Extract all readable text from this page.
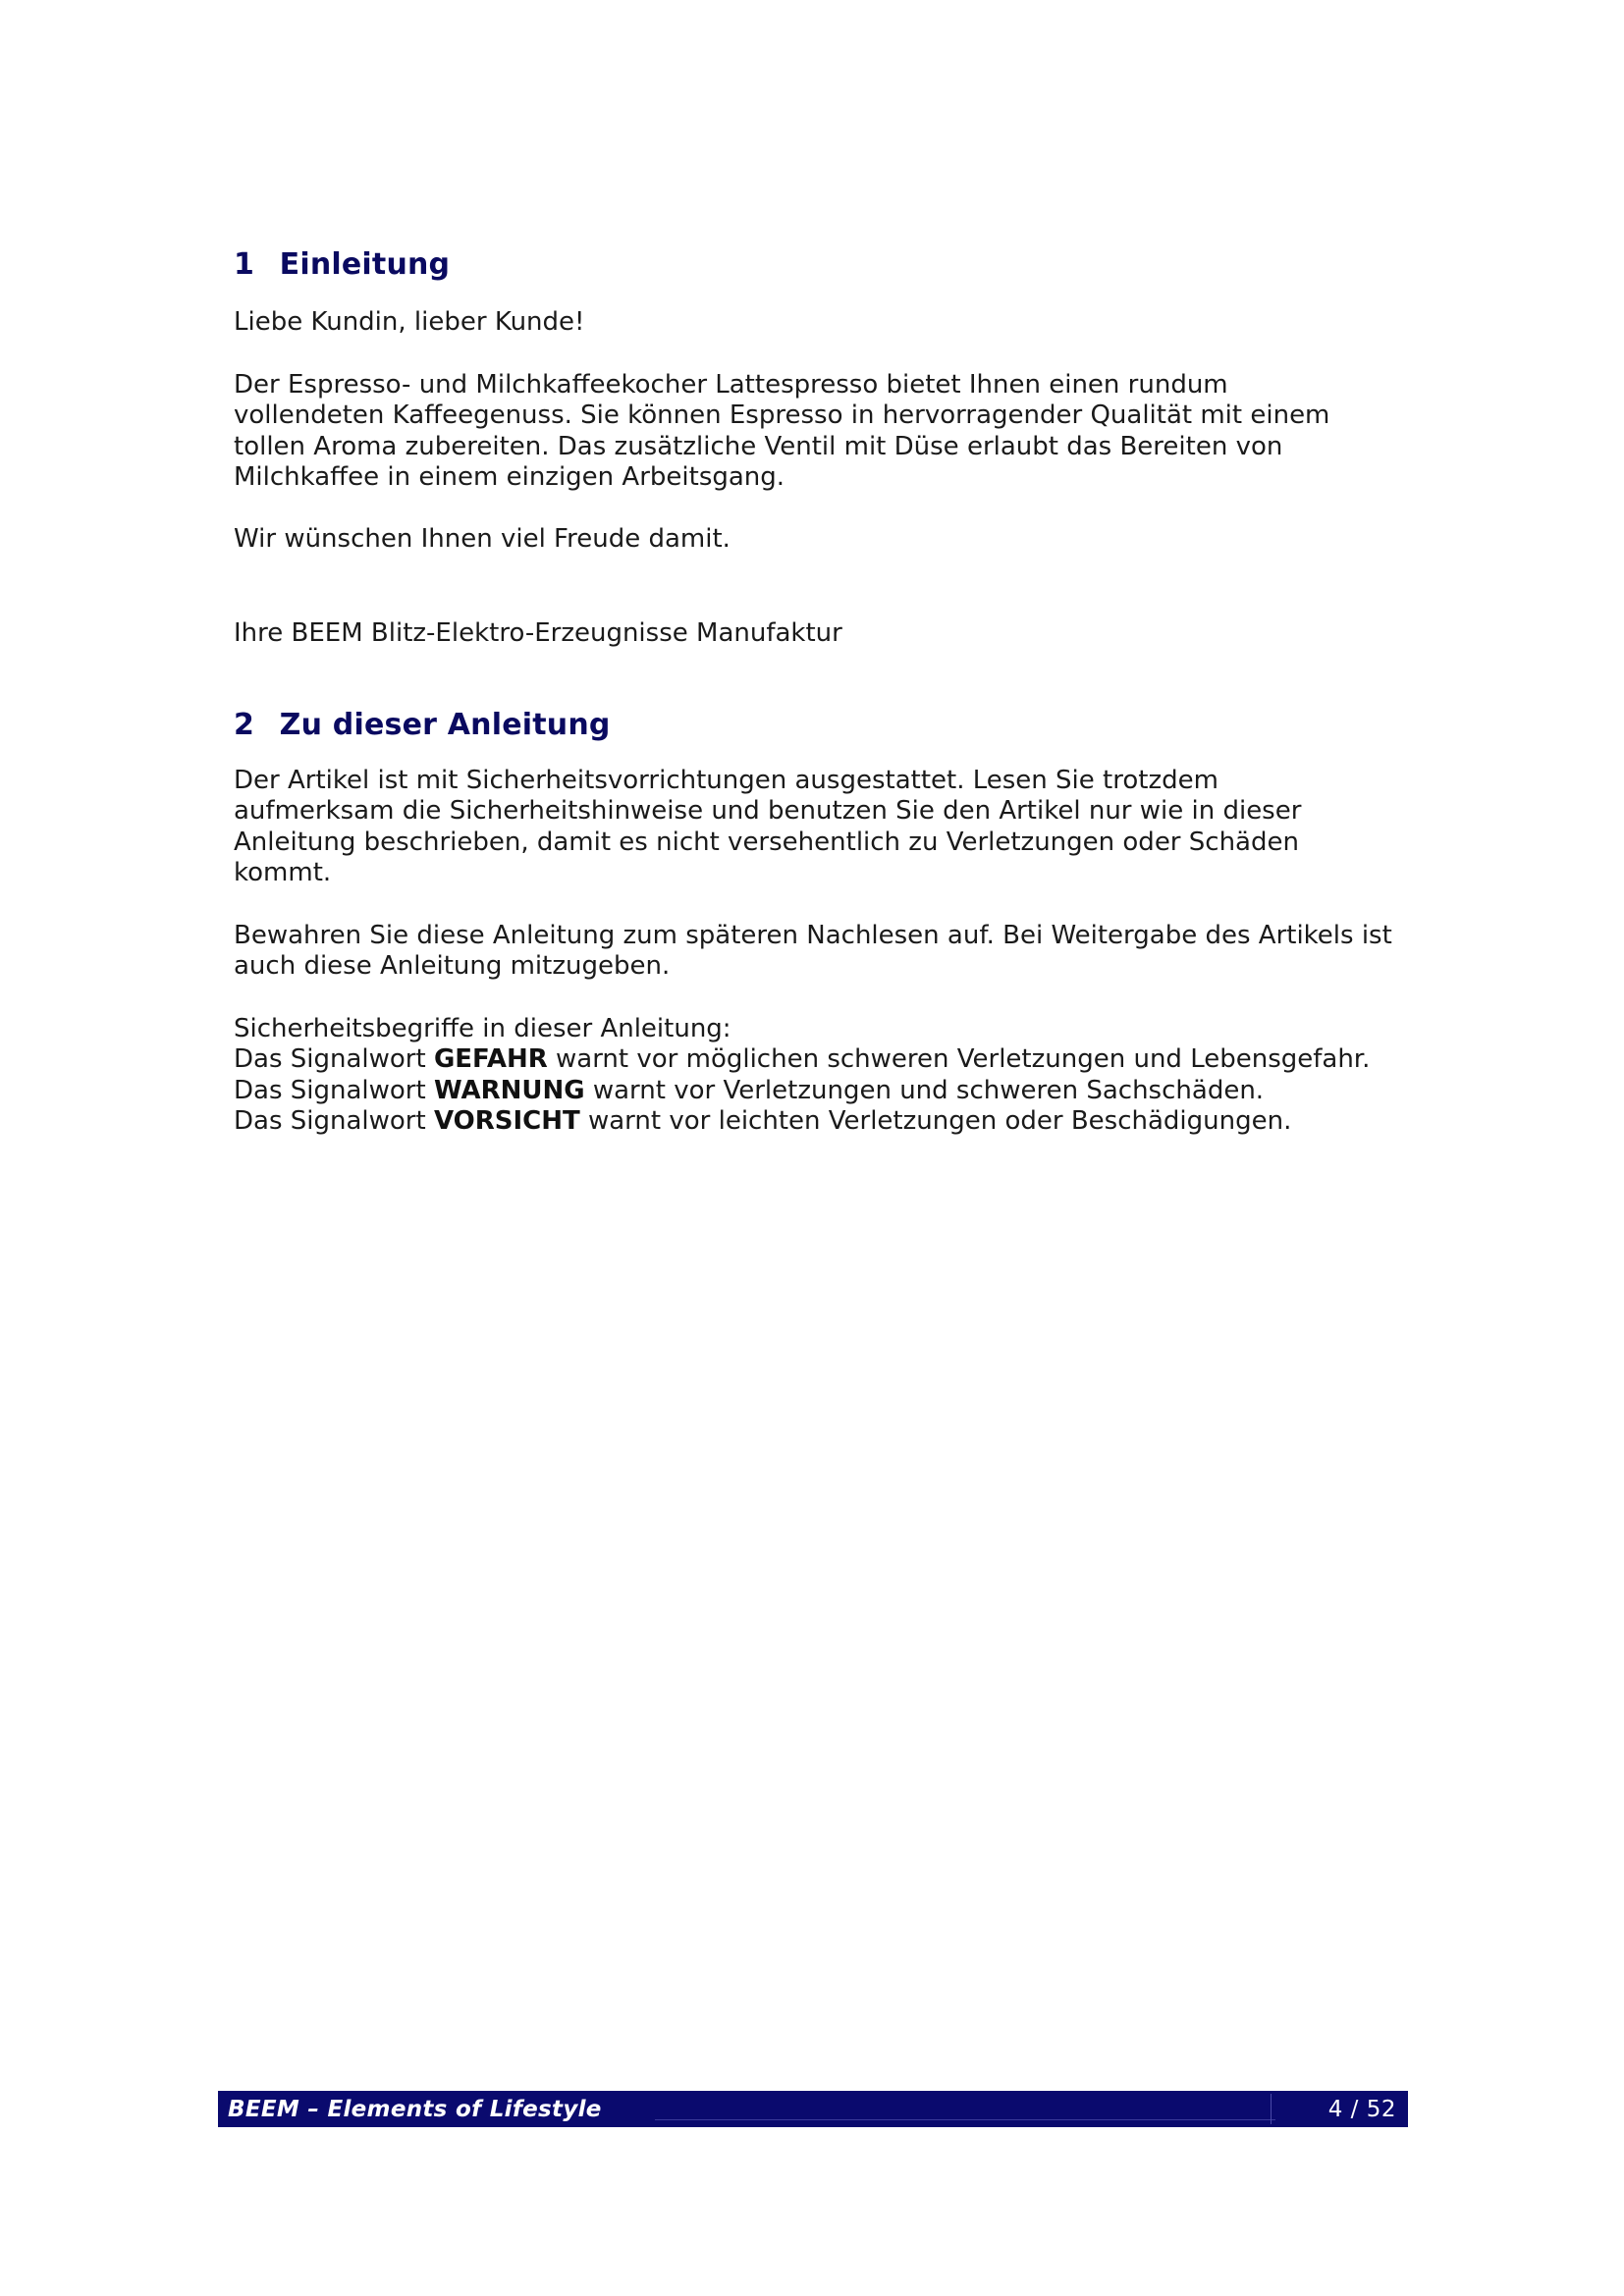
1 Einleitung

Liebe Kundin, lieber Kunde!

Der Espresso- und Milchkaffeekocher Lattespresso bietet Ihnen einen rundum vollendeten Kaffeegenuss. Sie können Espresso in hervorragender Qualität mit einem tollen Aroma zubereiten. Das zusätzliche Ventil mit Düse erlaubt das Bereiten von Milchkaffee in einem einzigen Arbeitsgang.

Wir wünschen Ihnen viel Freude damit.

Ihre BEEM Blitz-Elektro-Erzeugnisse Manufaktur

2 Zu dieser Anleitung

Der Artikel ist mit Sicherheitsvorrichtungen ausgestattet. Lesen Sie trotzdem aufmerksam die Sicherheitshinweise und benutzen Sie den Artikel nur wie in dieser Anleitung beschrieben, damit es nicht versehentlich zu Verletzungen oder Schäden kommt.

Bewahren Sie diese Anleitung zum späteren Nachlesen auf. Bei Weitergabe des Artikels ist auch diese Anleitung mitzugeben.

Sicherheitsbegriffe in dieser Anleitung:

Das Signalwort GEFAHR warnt vor möglichen schweren Verletzungen und Lebensgefahr.

Das Signalwort WARNUNG warnt vor Verletzungen und schweren Sachschäden.

Das Signalwort VORSICHT warnt vor leichten Verletzungen oder Beschädigungen.

BEEM – Elements of Lifestyle	4 / 52
